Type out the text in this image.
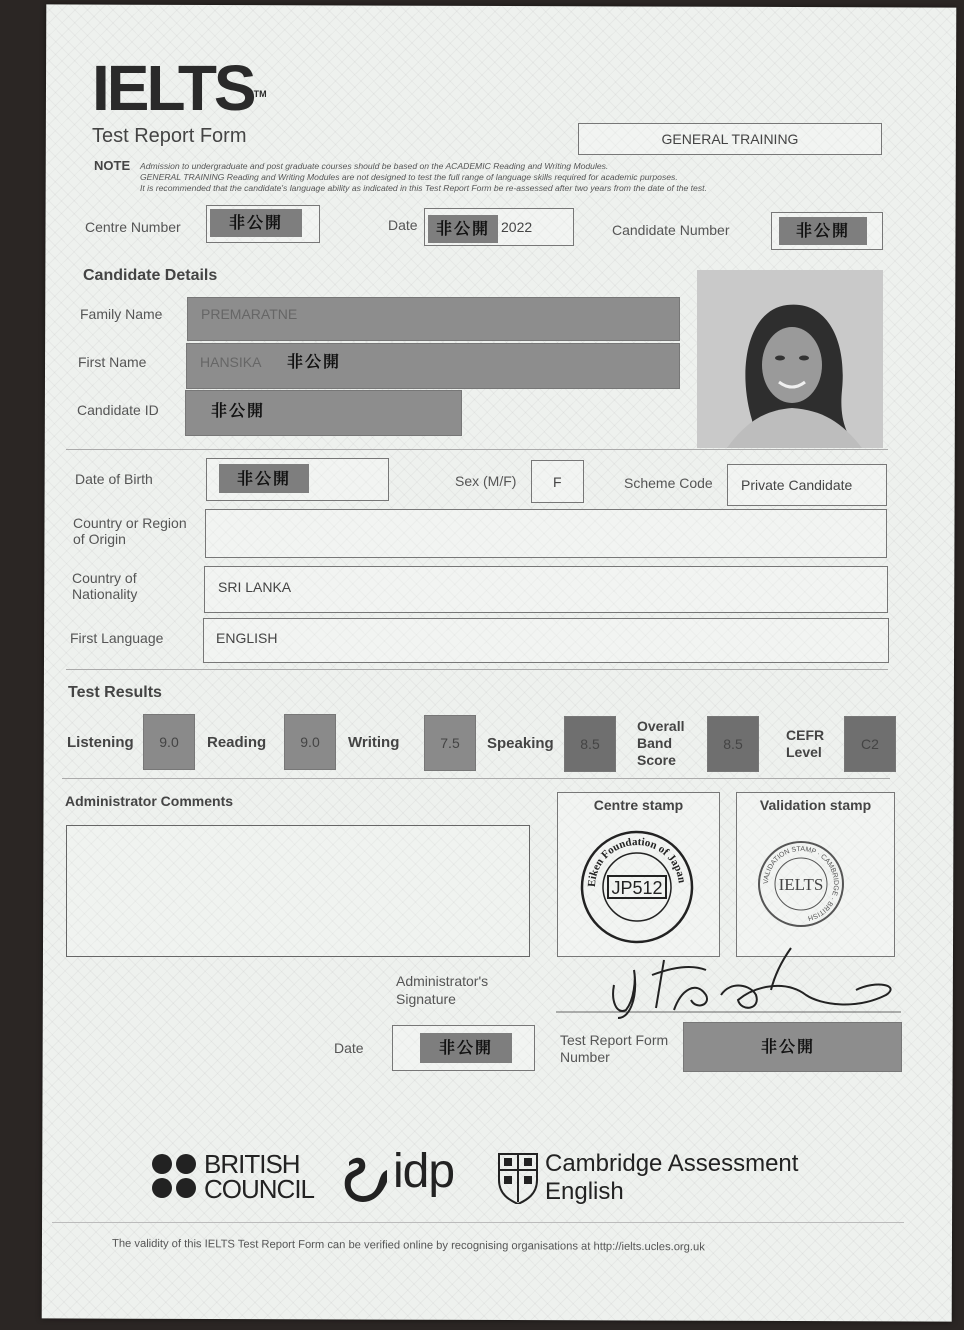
IELTS™
Test Report Form	GENERAL TRAINING
NOTE Admission to undergraduate and post graduate courses should be based on the ACADEMIC Reading and Writing Modules.
GENERAL TRAINING Reading and Writing Modules are not designed to test the full range of language skills required for academic purposes.
It is recommended that the candidate's language ability as indicated in this Test Report Form be re-assessed after two years from the date of the test.
Centre Number	非公開	Date	非公開 2022	Candidate Number	非公開
Candidate Details
Family Name	PREMARATNE
First Name	HANSIKA	非公開
Candidate ID	非公開
Date of Birth	非公開	Sex (M/F)	F	Scheme Code Private Candidate
Country or Region
of Origin
Country of
Nationality	SRI LANKA
First Language	ENGLISH
Test Results
Listening	9.0	Reading	9.0	Writing	7.5	Speaking	8.5
Overall
Band
Score
8.5
CEFR
Level	C2
Administrator Comments	Centre stamp
Eiken Foundation of Japan
JP512
Validation stamp
VALIDATION STAMP · CAMBRIDGE · BRITISH
IELTS
Administrator's
Signature
Date	非公開	Test Report Form
Number
非公開
BRITISH
COUNCIL idp	Cambridge Assessment
English
The validity of this IELTS Test Report Form can be verified online by recognising organisations at http://ielts.ucles.org.uk
